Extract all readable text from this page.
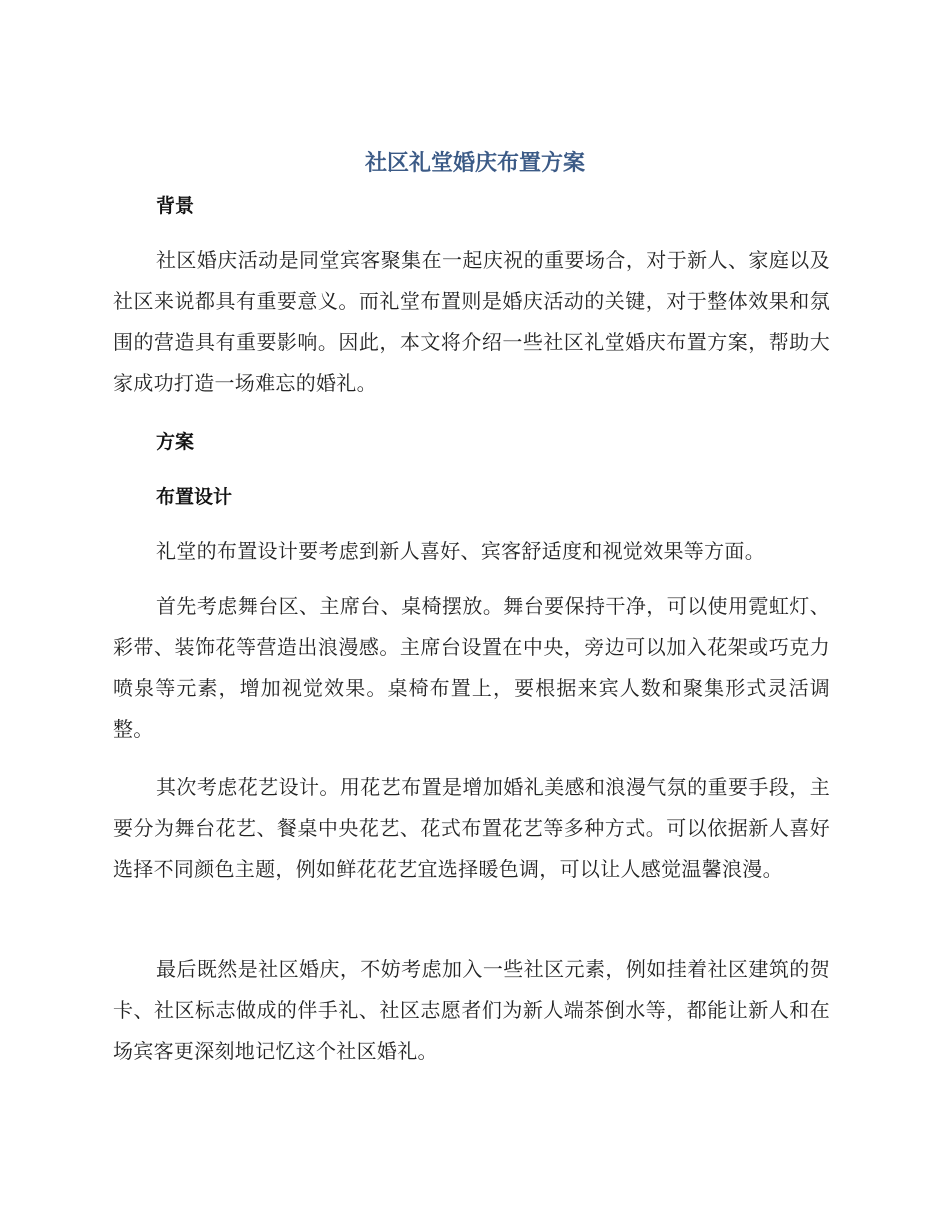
社区礼堂婚庆布置方案
背景

社区婚庆活动是同堂宾客聚集在一起庆祝的重要场合，对于新人、家庭以及社区来说都具有重要意义。而礼堂布置则是婚庆活动的关键，对于整体效果和氛围的营造具有重要影响。因此，本文将介绍一些社区礼堂婚庆布置方案，帮助大家成功打造一场难忘的婚礼。

方案
布置设计

礼堂的布置设计要考虑到新人喜好、宾客舒适度和视觉效果等方面。

首先考虑舞台区、主席台、桌椅摆放。舞台要保持干净，可以使用霓虹灯、彩带、装饰花等营造出浪漫感。主席台设置在中央，旁边可以加入花架或巧克力喷泉等元素，增加视觉效果。桌椅布置上，要根据来宾人数和聚集形式灵活调整。

其次考虑花艺设计。用花艺布置是增加婚礼美感和浪漫气氛的重要手段，主要分为舞台花艺、餐桌中央花艺、花式布置花艺等多种方式。可以依据新人喜好选择不同颜色主题，例如鲜花花艺宜选择暖色调，可以让人感觉温馨浪漫。

最后既然是社区婚庆，不妨考虑加入一些社区元素，例如挂着社区建筑的贺卡、社区标志做成的伴手礼、社区志愿者们为新人端茶倒水等，都能让新人和在场宾客更深刻地记忆这个社区婚礼。
